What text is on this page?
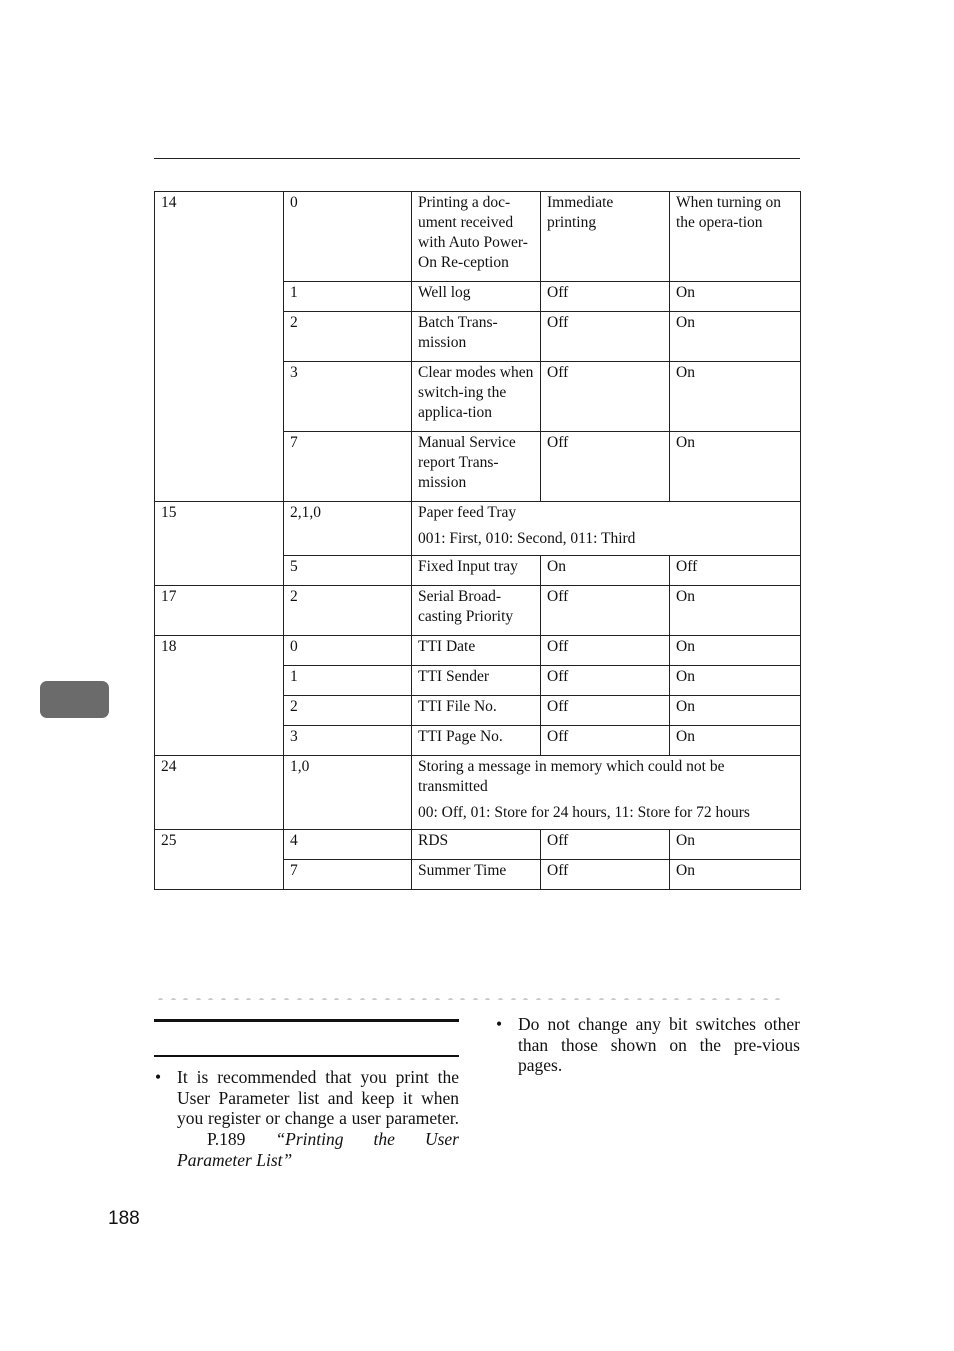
14	0	Printing a doc-ument received with Auto Power-On Re-ception	Immediate printing	When turning on the opera-tion
	1	Well log	Off	On
	2	Batch Trans-mission	Off	On
	3	Clear modes when switch-ing the applica-tion	Off	On
	7	Manual Service report Trans-mission	Off	On
15	2,1,0	Paper feed Tray
001: First, 010: Second, 011: Third		

	5	Fixed Input tray	On	Off
17	2	Serial Broad-casting Priority	Off	On
18	0	TTI Date	Off	On
	1	TTI Sender	Off	On
	2	TTI File No.	Off	On
	3	TTI Page No.	Off	On
24	1,0	Storing a message in memory which could not be transmitted
00: Off, 01: Store for 24 hours, 11: Store for 72 hours		

25	4	RDS	Off	On
	7	Summer Time	Off	On
• It is recommended that you print the User Parameter list and keep it when you register or change a user parameter. P.189 “Printing the User Parameter List”
• Do not change any bit switches other than those shown on the pre-vious pages.
188
